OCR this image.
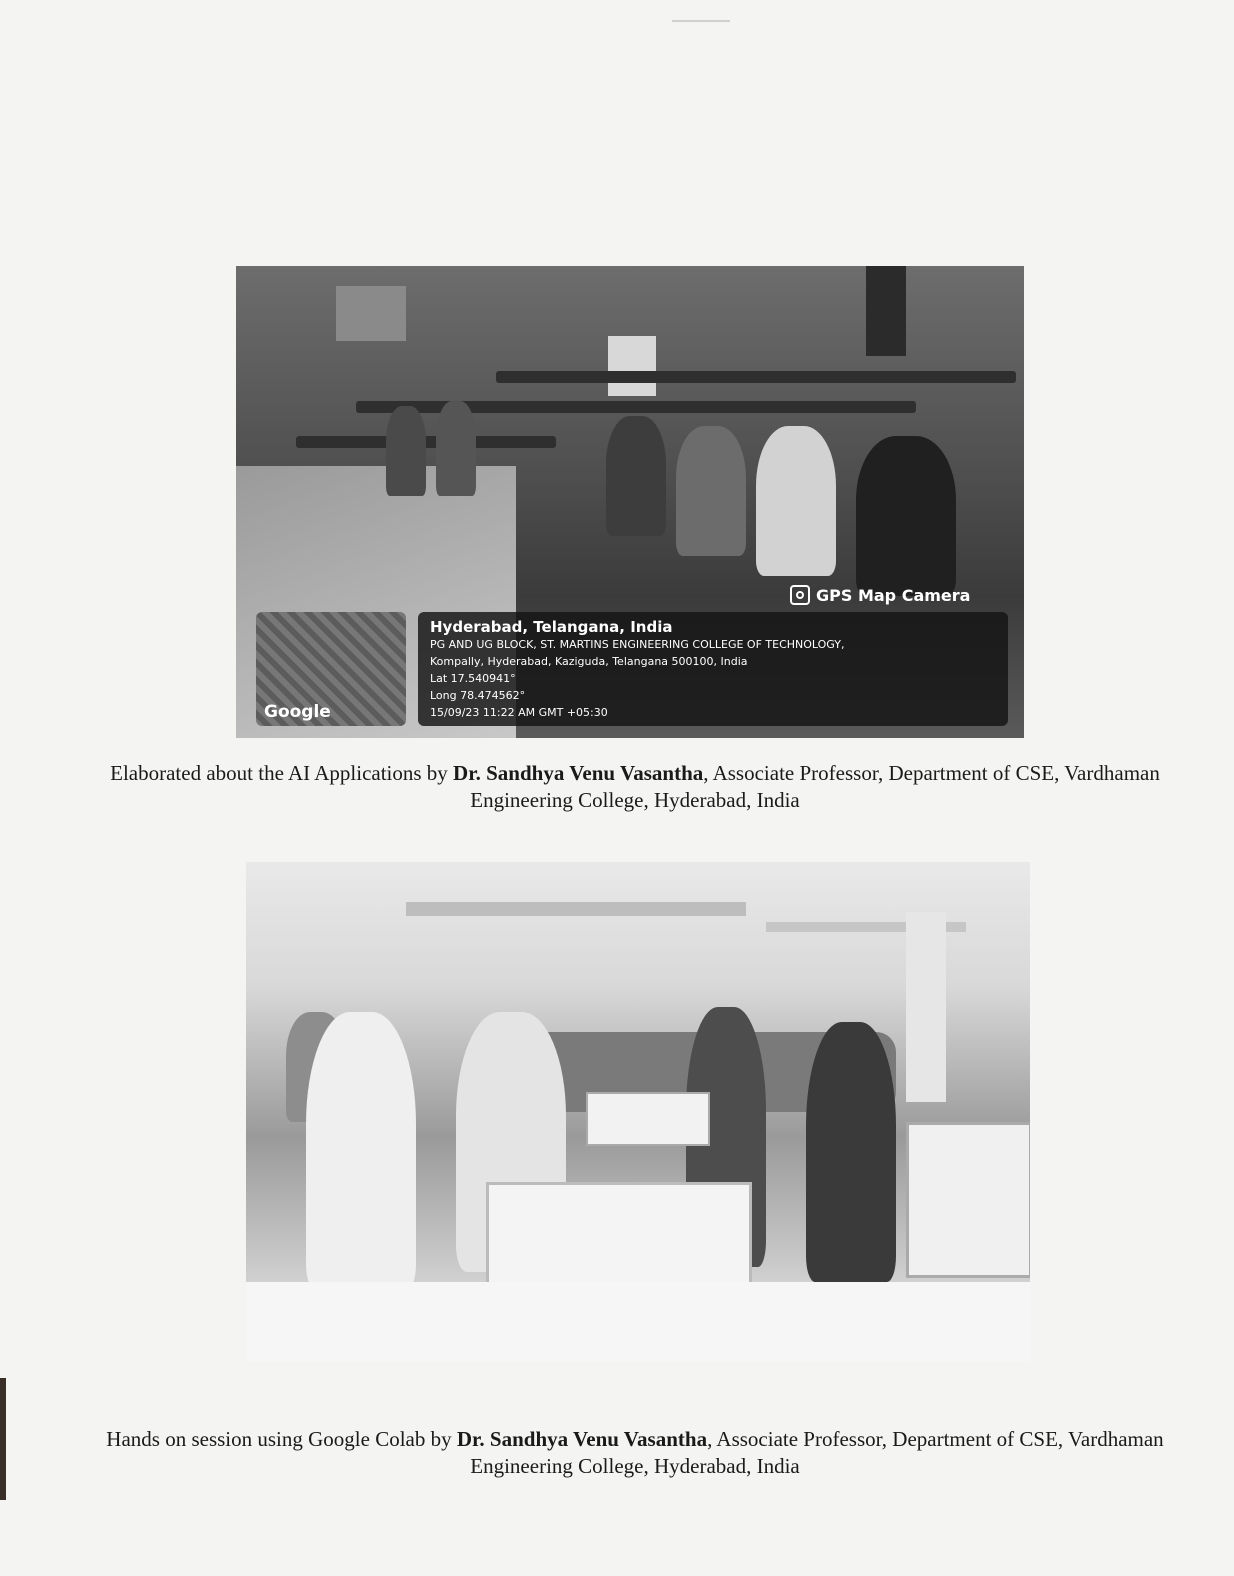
GPS Map Camera
Google
Hyderabad, Telangana, India
PG AND UG BLOCK, ST. MARTINS ENGINEERING COLLEGE OF TECHNOLOGY,
Kompally, Hyderabad, Kaziguda, Telangana 500100, India
Lat 17.540941°
Long 78.474562°
15/09/23 11:22 AM GMT +05:30
Elaborated about the AI Applications by Dr. Sandhya Venu Vasantha, Associate Professor, Department of CSE, Vardhaman Engineering College, Hyderabad, India
Hands on session using Google Colab by Dr. Sandhya Venu Vasantha, Associate Professor, Department of CSE, Vardhaman Engineering College, Hyderabad, India
